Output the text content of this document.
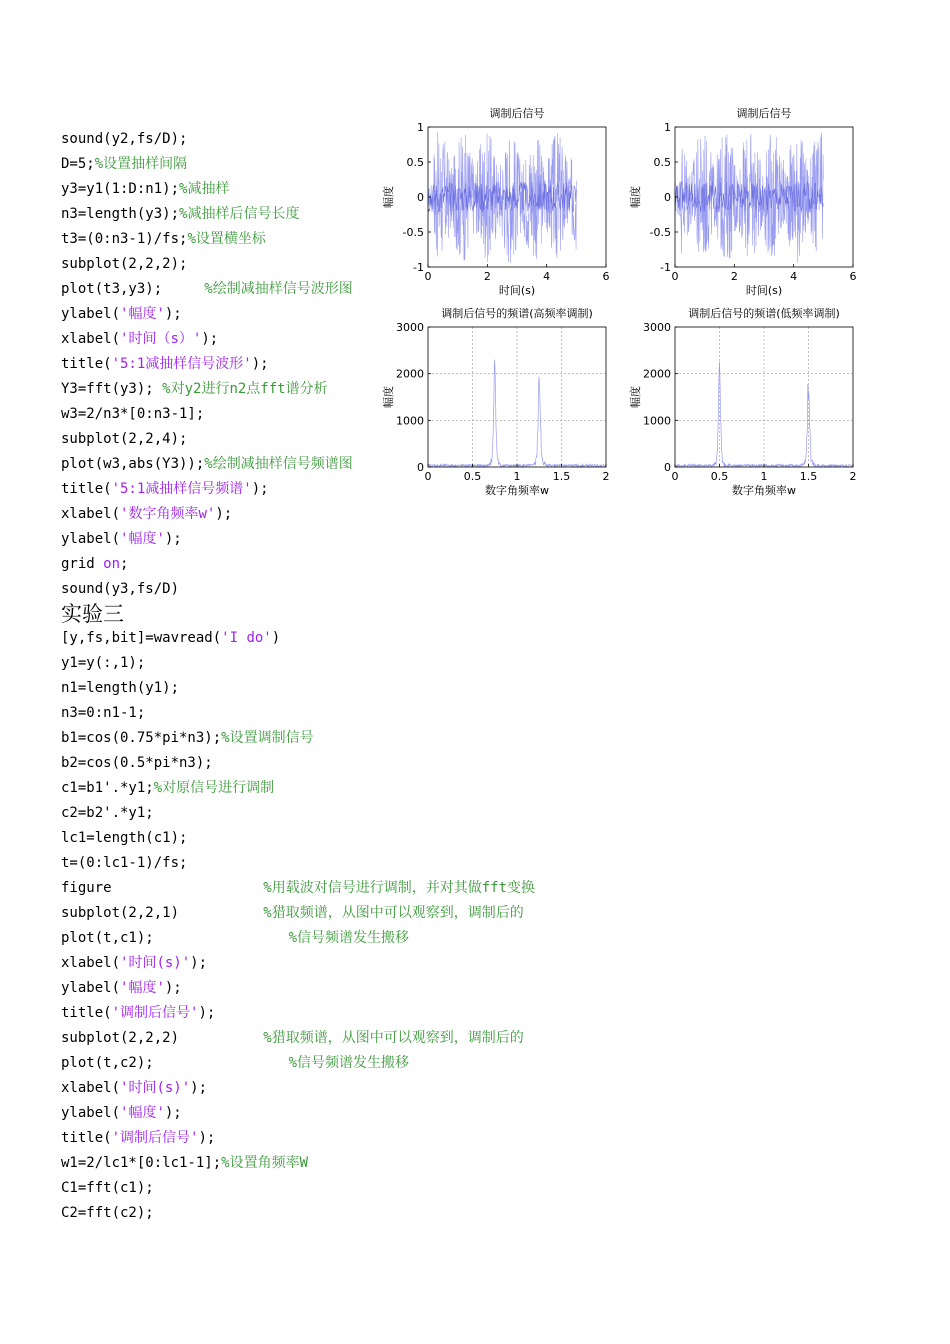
sound(y2,fs/D);
D=5;%设置抽样间隔
y3=y1(1:D:n1);%减抽样
n3=length(y3);%减抽样后信号长度
t3=(0:n3-1)/fs;%设置横坐标
subplot(2,2,2);
plot(t3,y3);     %绘制减抽样信号波形图
ylabel('幅度');
xlabel('时间（s）');
title('5:1减抽样信号波形');
Y3=fft(y3); %对y2进行n2点fft谱分析
w3=2/n3*[0:n3-1];
subplot(2,2,4);
plot(w3,abs(Y3));%绘制减抽样信号频谱图
title('5:1减抽样信号频谱');
xlabel('数字角频率w');
ylabel('幅度');
grid on;
sound(y3,fs/D)
实验三
[y,fs,bit]=wavread('I do')
y1=y(:,1);
n1=length(y1);
n3=0:n1-1;
b1=cos(0.75*pi*n3);%设置调制信号
b2=cos(0.5*pi*n3);
c1=b1'.*y1;%对原信号进行调制
c2=b2'.*y1;
lc1=length(c1);
t=(0:lc1-1)/fs;
figure                  %用载波对信号进行调制，并对其做fft变换
subplot(2,2,1)          %猎取频谱，从图中可以观察到，调制后的
plot(t,c1);                %信号频谱发生搬移
xlabel('时间(s)');
ylabel('幅度');
title('调制后信号');
subplot(2,2,2)          %猎取频谱，从图中可以观察到，调制后的
plot(t,c2);                %信号频谱发生搬移
xlabel('时间(s)');
ylabel('幅度');
title('调制后信号');
w1=2/lc1*[0:lc1-1];%设置角频率W
C1=fft(c1);
C2=fft(c2);
0	2	4	6
-1
-0.5
0
0.5
1
调制后信号
时间(s)
幅度
0	2	4	6
-1
-0.5
0
0.5
1
调制后信号
时间(s)
幅度
0	0.5	1	1.5	2
0
1000
2000
3000
调制后信号的频谱(高频率调制)
数字角频率w
幅度
0	0.5	1	1.5	2
0
1000
2000
3000
调制后信号的频谱(低频率调制)
数字角频率w
幅度
